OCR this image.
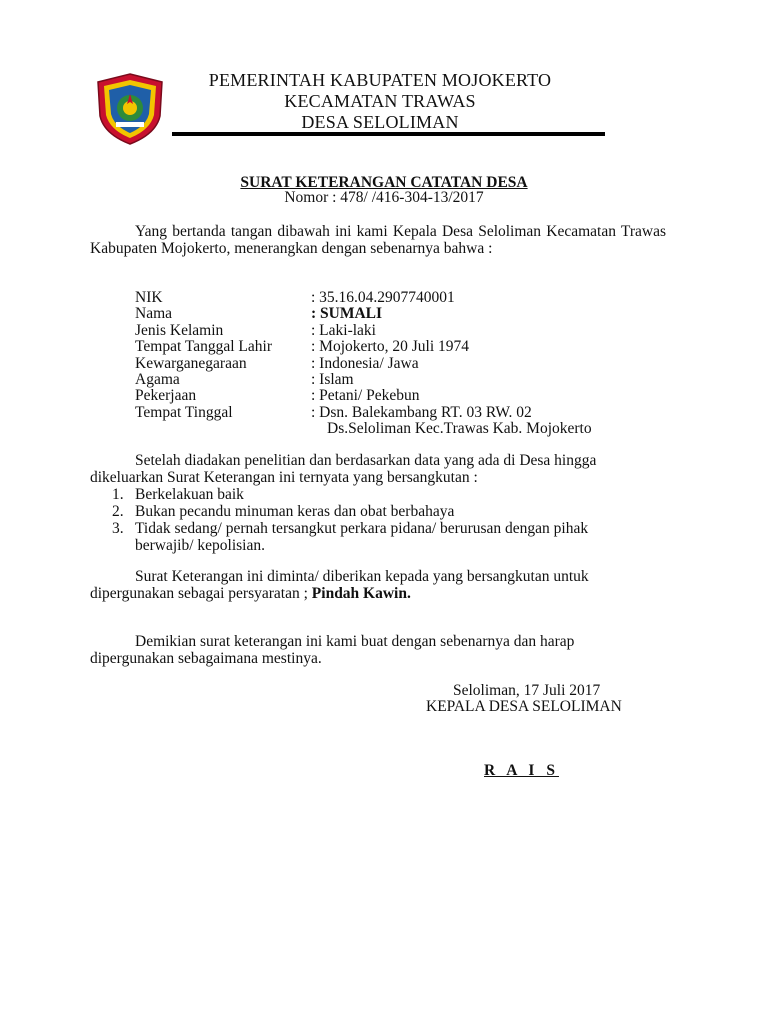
PEMERINTAH KABUPATEN MOJOKERTO
KECAMATAN TRAWAS
DESA SELOLIMAN
SURAT KETERANGAN CATATAN DESA
Nomor : 478/ /416-304-13/2017

Yang bertanda tangan dibawah ini kami Kepala Desa Seloliman Kecamatan Trawas Kabupaten Mojokerto, menerangkan dengan sebenarnya bahwa :

NIK	: 35.16.04.2907740001
Nama	: SUMALI
Jenis Kelamin	: Laki-laki
Tempat Tanggal Lahir	: Mojokerto, 20 Juli 1974
Kewarganegaraan	: Indonesia/ Jawa
Agama	: Islam
Pekerjaan	: Petani/ Pekebun
Tempat Tinggal	: Dsn. Balekambang RT. 03 RW. 02
Ds.Seloliman Kec.Trawas Kab. Mojokerto

Setelah diadakan penelitian dan berdasarkan data yang ada di Desa hingga

dikeluarkan Surat Keterangan ini ternyata yang bersangkutan :

1. Berkelakuan baik
2. Bukan pecandu minuman keras dan obat berbahaya
3. Tidak sedang/ pernah tersangkut perkara pidana/ berurusan dengan pihak
berwajib/ kepolisian.

Surat Keterangan ini diminta/ diberikan kepada yang bersangkutan untuk

dipergunakan sebagai persyaratan ; Pindah Kawin.

Demikian surat keterangan ini kami buat dengan sebenarnya dan harap

dipergunakan sebagaimana mestinya.

Seloliman, 17 Juli 2017
KEPALA DESA SELOLIMAN
R A I S
